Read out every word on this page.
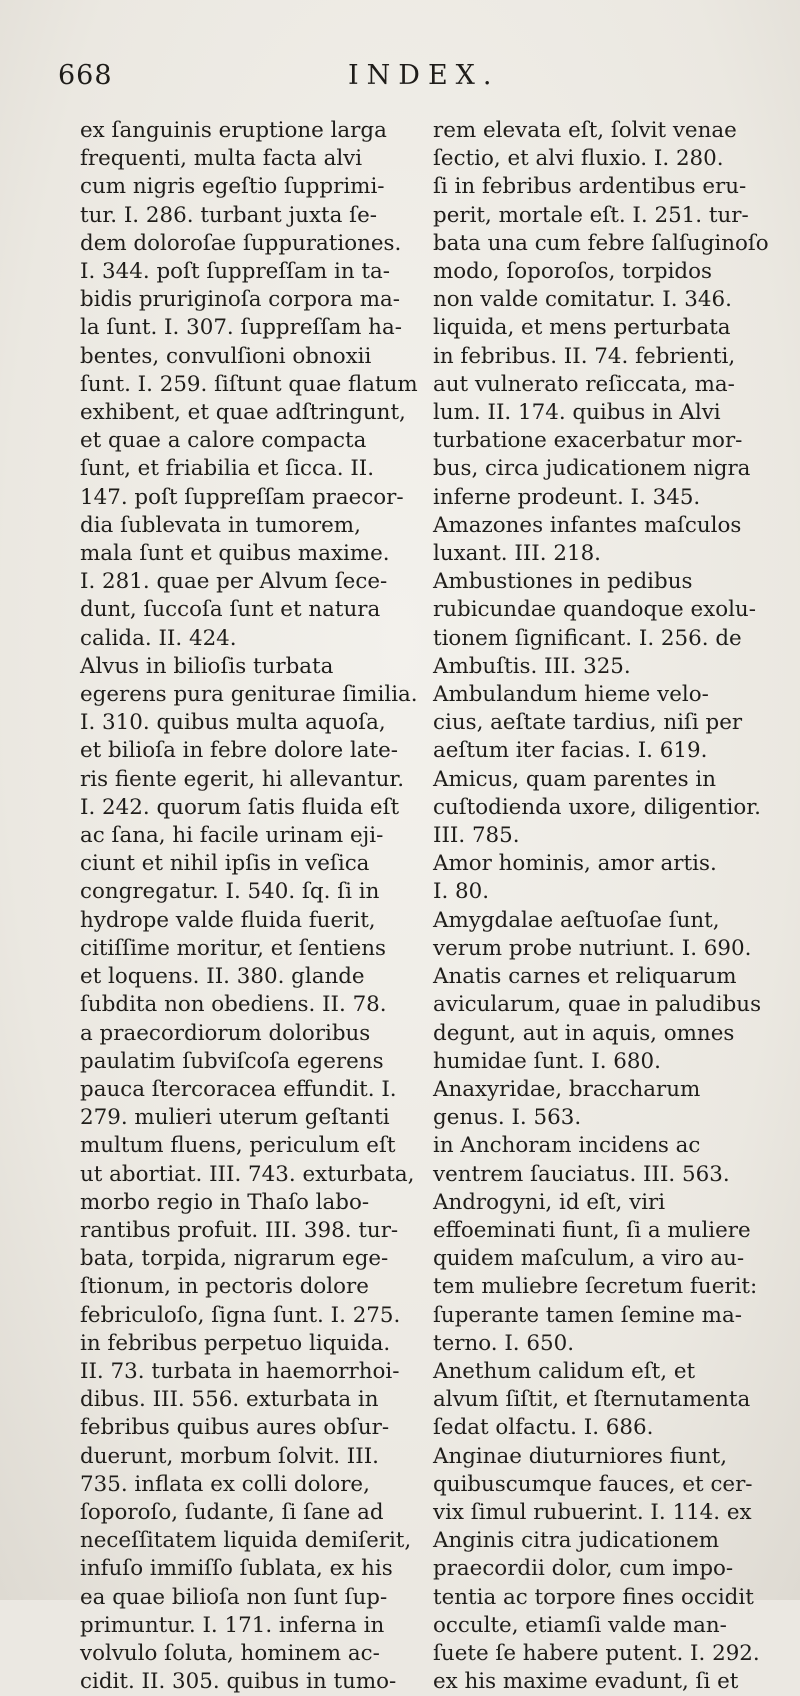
668	INDEX.
ex ſanguinis eruptione larga
frequenti, multa facta alvi
cum nigris egeſtio ſupprimi-
tur. I. 286. turbant juxta ſe-
dem doloroſae ſuppurationes.
I. 344. poſt ſuppreſſam in ta-
bidis pruriginoſa corpora ma-
la ſunt. I. 307. ſuppreſſam ha-
bentes, convulſioni obnoxii
ſunt. I. 259. ſiſtunt quae flatum
exhibent, et quae adſtringunt,
et quae a calore compacta
ſunt, et friabilia et ſicca. II.
147. poſt ſuppreſſam praecor-
dia ſublevata in tumorem,
mala ſunt et quibus maxime.
I. 281. quae per Alvum ſece-
dunt, ſuccoſa ſunt et natura
calida. II. 424.
Alvus in bilioſis turbata
egerens pura geniturae ſimilia.
I. 310. quibus multa aquoſa,
et bilioſa in febre dolore late-
ris fiente egerit, hi allevantur.
I. 242. quorum ſatis fluida eſt
ac ſana, hi facile urinam eji-
ciunt et nihil ipſis in veſica
congregatur. I. 540. ſq. ſi in
hydrope valde fluida fuerit,
citiſſime moritur, et ſentiens
et loquens. II. 380. glande
ſubdita non obediens. II. 78.
a praecordiorum doloribus
paulatim ſubviſcoſa egerens
pauca ſtercoracea effundit. I.
279. mulieri uterum geſtanti
multum fluens, periculum eſt
ut abortiat. III. 743. exturbata,
morbo regio in Thaſo labo-
rantibus profuit. III. 398. tur-
bata, torpida, nigrarum ege-
ſtionum, in pectoris dolore
febriculoſo, ſigna ſunt. I. 275.
in febribus perpetuo liquida.
II. 73. turbata in haemorrhoi-
dibus. III. 556. exturbata in
febribus quibus aures obſur-
duerunt, morbum ſolvit. III.
735. inflata ex colli dolore,
ſoporoſo, ſudante, ſi ſane ad
neceſſitatem liquida demiſerit,
infuſo immiſſo ſublata, ex his
ea quae bilioſa non ſunt ſup-
primuntur. I. 171. inferna in
volvulo ſoluta, hominem ac-
cidit. II. 305. quibus in tumo-
rem elevata eſt, ſolvit venae
ſectio, et alvi fluxio. I. 280.
ſi in febribus ardentibus eru-
perit, mortale eſt. I. 251. tur-
bata una cum febre ſalſuginoſo
modo, ſoporoſos, torpidos
non valde comitatur. I. 346.
liquida, et mens perturbata
in febribus. II. 74. febrienti,
aut vulnerato reſiccata, ma-
lum. II. 174. quibus in Alvi
turbatione exacerbatur mor-
bus, circa judicationem nigra
inferne prodeunt. I. 345.
Amazones infantes maſculos
luxant. III. 218.
Ambustiones in pedibus
rubicundae quandoque exolu-
tionem ſignificant. I. 256. de
Ambuſtis. III. 325.
Ambulandum hieme velo-
cius, aeſtate tardius, niſi per
aeſtum iter facias. I. 619.
Amicus, quam parentes in
cuſtodienda uxore, diligentior.
III. 785.
Amor hominis, amor artis.
I. 80.
Amygdalae aeſtuoſae ſunt,
verum probe nutriunt. I. 690.
Anatis carnes et reliquarum
avicularum, quae in paludibus
degunt, aut in aquis, omnes
humidae ſunt. I. 680.
Anaxyridae, braccharum
genus. I. 563.
in Anchoram incidens ac
ventrem ſauciatus. III. 563.
Androgyni, id eſt, viri
effoeminati fiunt, ſi a muliere
quidem maſculum, a viro au-
tem muliebre ſecretum fuerit:
ſuperante tamen ſemine ma-
terno. I. 650.
Anethum calidum eſt, et
alvum ſiſtit, et ſternutamenta
ſedat olfactu. I. 686.
Anginae diuturniores fiunt,
quibuscumque fauces, et cer-
vix ſimul rubuerint. I. 114. ex
Anginis citra judicationem
praecordii dolor, cum impo-
tentia ac torpore fines occidit
occulte, etiamſi valde man-
ſuete ſe habere putent. I. 292.
ex his maxime evadunt, ſi et
